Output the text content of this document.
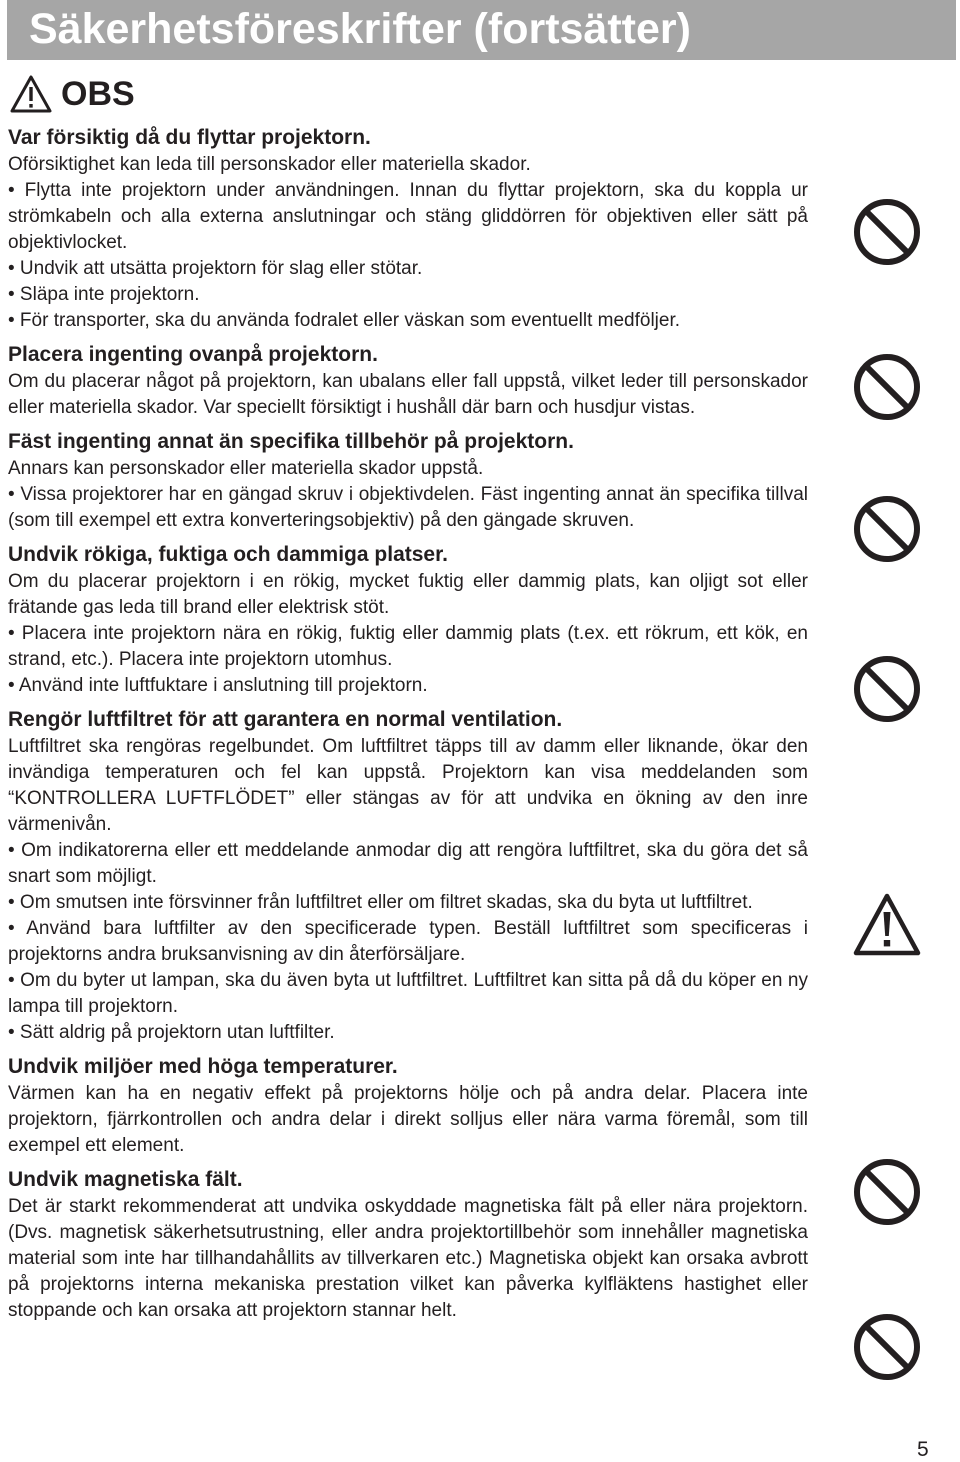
Säkerhetsföreskrifter (fortsätter)
OBS
Var försiktig då du flyttar projektorn.

Oförsiktighet kan leda till personskador eller materiella skador.

• Flytta inte projektorn under användningen. Innan du flyttar projektorn, ska du koppla ur strömkabeln och alla externa anslutningar och stäng gliddörren för objektiven eller sätt på objektivlocket.

• Undvik att utsätta projektorn för slag eller stötar.

• Släpa inte projektorn.

• För transporter, ska du använda fodralet eller väskan som eventuellt medföljer.

Placera ingenting ovanpå projektorn.

Om du placerar något på projektorn, kan ubalans eller fall uppstå, vilket leder till personskador eller materiella skador. Var speciellt försiktigt i hushåll där barn och husdjur vistas.

Fäst ingenting annat än specifika tillbehör på projektorn.

Annars kan personskador eller materiella skador uppstå.

• Vissa projektorer har en gängad skruv i objektivdelen. Fäst ingenting annat än specifika tillval (som till exempel ett extra konverteringsobjektiv) på den gängade skruven.

Undvik rökiga, fuktiga och dammiga platser.

Om du placerar projektorn i en rökig, mycket fuktig eller dammig plats, kan oljigt sot eller frätande gas leda till brand eller elektrisk stöt.

• Placera inte projektorn nära en rökig, fuktig eller dammig plats (t.ex. ett rökrum, ett kök, en strand, etc.). Placera inte projektorn utomhus.

• Använd inte luftfuktare i anslutning till projektorn.

Rengör luftfiltret för att garantera en normal ventilation.

Luftfiltret ska rengöras regelbundet. Om luftfiltret täpps till av damm eller liknande, ökar den invändiga temperaturen och fel kan uppstå. Projektorn kan visa meddelanden som “KONTROLLERA LUFTFLÖDET” eller stängas av för att undvika en ökning av den inre värmenivån.

• Om indikatorerna eller ett meddelande anmodar dig att rengöra luftfiltret, ska du göra det så snart som möjligt.

• Om smutsen inte försvinner från luftfiltret eller om filtret skadas, ska du byta ut luftfiltret.

• Använd bara luftfilter av den specificerade typen. Beställ luftfiltret som specificeras i projektorns andra bruksanvisning av din återförsäljare.

• Om du byter ut lampan, ska du även byta ut luftfiltret. Luftfiltret kan sitta på då du köper en ny lampa till projektorn.

• Sätt aldrig på projektorn utan luftfilter.

Undvik miljöer med höga temperaturer.

Värmen kan ha en negativ effekt på projektorns hölje och på andra delar. Placera inte projektorn, fjärrkontrollen och andra delar i direkt solljus eller nära varma föremål, som till exempel ett element.

Undvik magnetiska fält.

Det är starkt rekommenderat att undvika oskyddade magnetiska fält på eller nära projektorn. (Dvs. magnetisk säkerhetsutrustning, eller andra projektortillbehör som innehåller magnetiska material som inte har tillhandahållits av tillverkaren etc.) Magnetiska objekt kan orsaka avbrott på projektorns interna mekaniska prestation vilket kan påverka kylfläktens hastighet eller stoppande och kan orsaka att projektorn stannar helt.

5
